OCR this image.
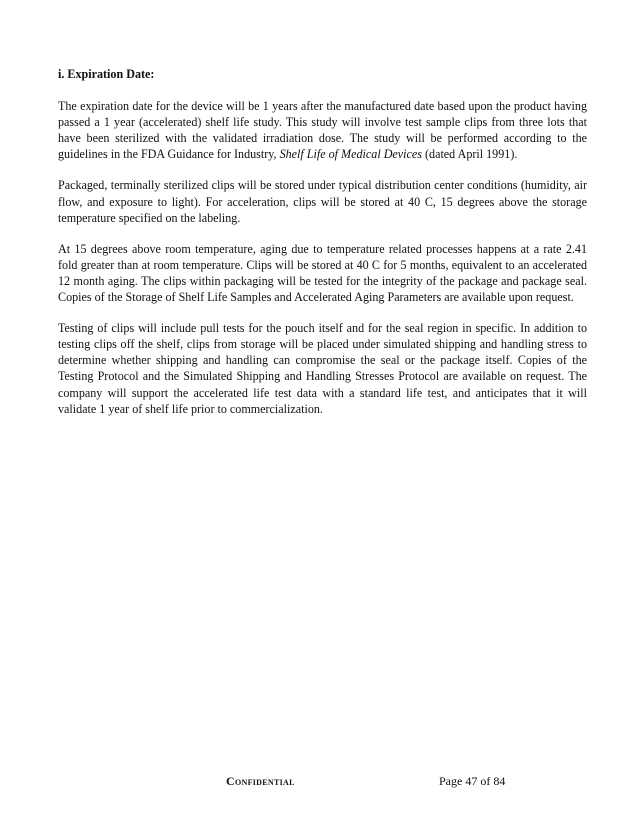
i. Expiration Date:

The expiration date for the device will be 1 years after the manufactured date based upon the product having passed a 1 year (accelerated) shelf life study. This study will involve test sample clips from three lots that have been sterilized with the validated irradiation dose. The study will be performed according to the guidelines in the FDA Guidance for Industry, Shelf Life of Medical Devices (dated April 1991).

Packaged, terminally sterilized clips will be stored under typical distribution center conditions (humidity, air flow, and exposure to light). For acceleration, clips will be stored at 40 C, 15 degrees above the storage temperature specified on the labeling.

At 15 degrees above room temperature, aging due to temperature related processes happens at a rate 2.41 fold greater than at room temperature. Clips will be stored at 40 C for 5 months, equivalent to an accelerated 12 month aging. The clips within packaging will be tested for the integrity of the package and package seal. Copies of the Storage of Shelf Life Samples and Accelerated Aging Parameters are available upon request.

Testing of clips will include pull tests for the pouch itself and for the seal region in specific. In addition to testing clips off the shelf, clips from storage will be placed under simulated shipping and handling stress to determine whether shipping and handling can compromise the seal or the package itself. Copies of the Testing Protocol and the Simulated Shipping and Handling Stresses Protocol are available on request. The company will support the accelerated life test data with a standard life test, and anticipates that it will validate 1 year of shelf life prior to commercialization.

Confidential	Page 47 of 84
